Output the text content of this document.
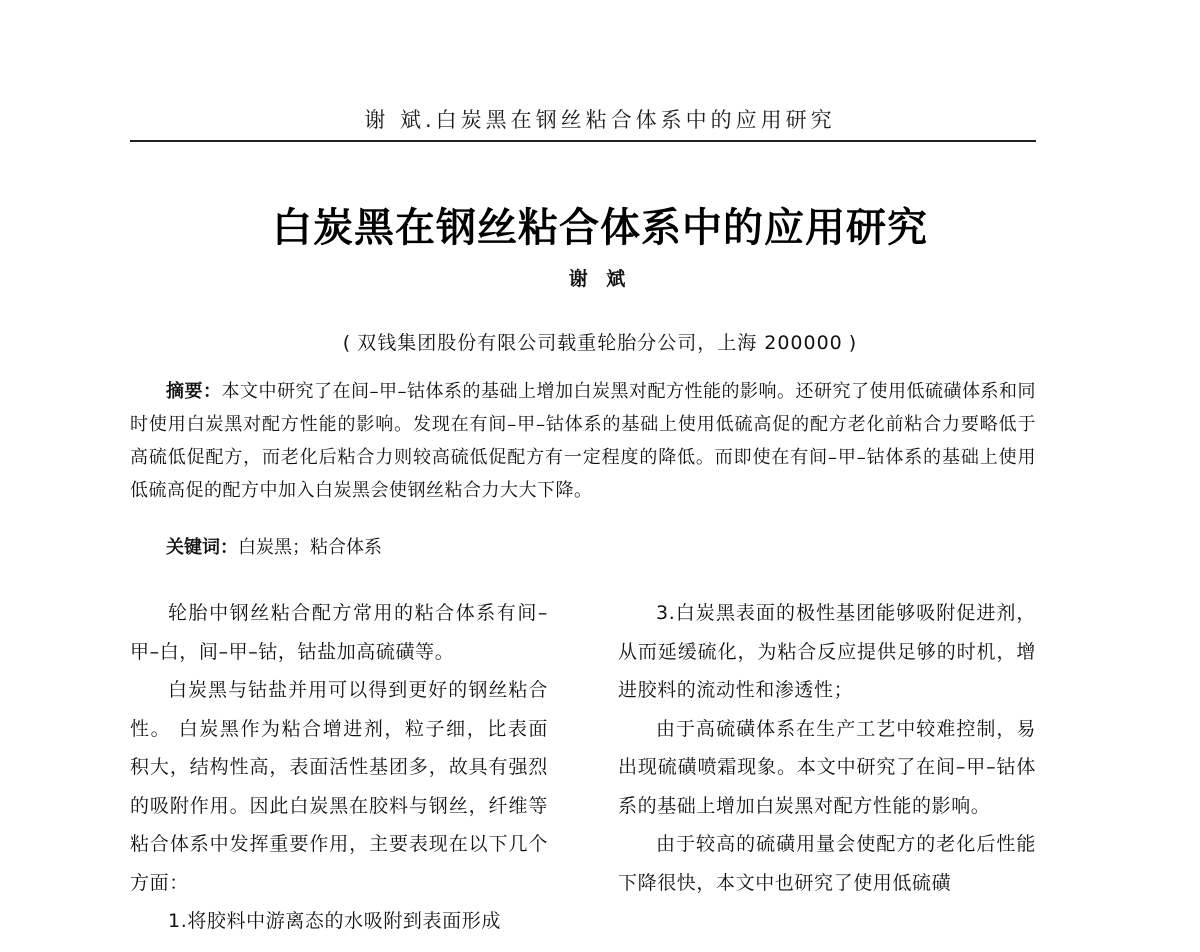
谢 斌.白炭黑在钢丝粘合体系中的应用研究
白炭黑在钢丝粘合体系中的应用研究
谢 斌
( 双钱集团股份有限公司载重轮胎分公司，上海 200000 )

摘要：本文中研究了在间–甲–钴体系的基础上增加白炭黑对配方性能的影响。还研究了使用低硫磺体系和同时使用白炭黑对配方性能的影响。发现在有间–甲–钴体系的基础上使用低硫高促的配方老化前粘合力要略低于高硫低促配方，而老化后粘合力则较高硫低促配方有一定程度的降低。而即使在有间–甲–钴体系的基础上使用低硫高促的配方中加入白炭黑会使钢丝粘合力大大下降。

关键词：白炭黑；粘合体系

轮胎中钢丝粘合配方常用的粘合体系有间–甲–白，间–甲–钴，钴盐加高硫磺等。

白炭黑与钴盐并用可以得到更好的钢丝粘合性。 白炭黑作为粘合增进剂，粒子细，比表面积大，结构性高，表面活性基团多，故具有强烈的吸附作用。因此白炭黑在胶料与钢丝，纤维等粘合体系中发挥重要作用，主要表现在以下几个方面：

1.将胶料中游离态的水吸附到表面形成

3.白炭黑表面的极性基团能够吸附促进剂，从而延缓硫化，为粘合反应提供足够的时机，增进胶料的流动性和渗透性；

由于高硫磺体系在生产工艺中较难控制，易出现硫磺喷霜现象。本文中研究了在间–甲–钴体系的基础上增加白炭黑对配方性能的影响。

由于较高的硫磺用量会使配方的老化后性能下降很快，本文中也研究了使用低硫磺
